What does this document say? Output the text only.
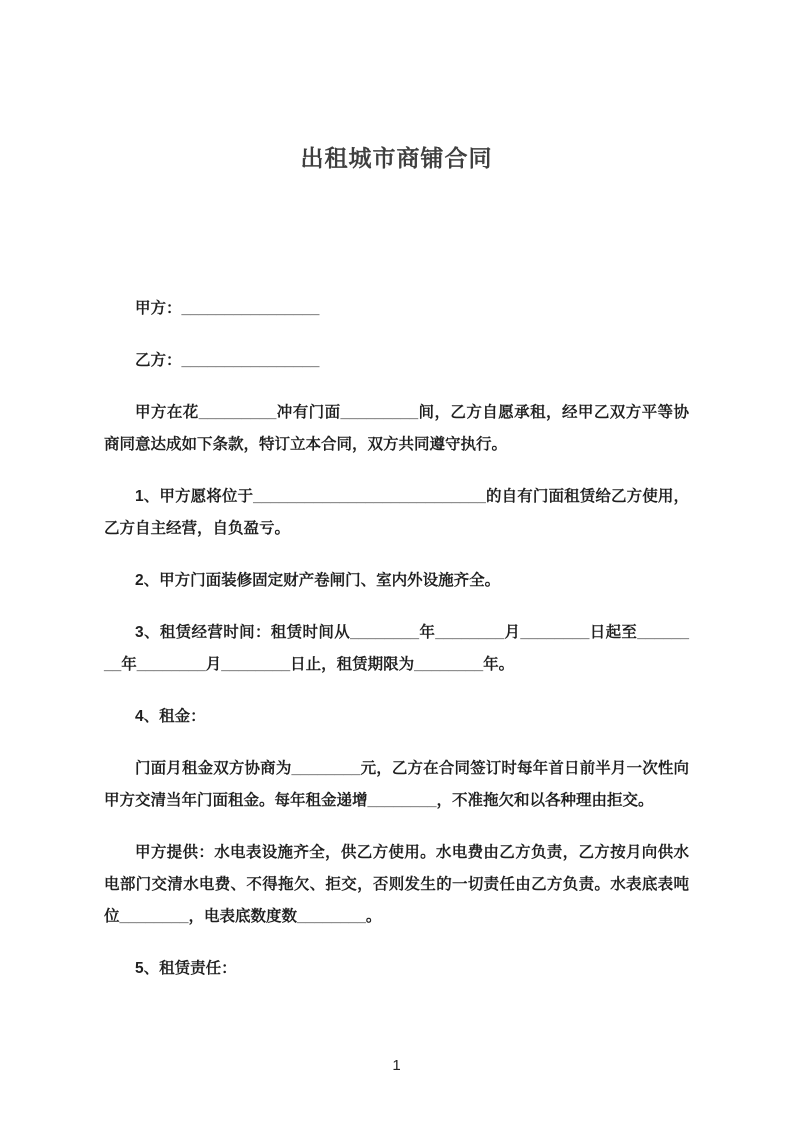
出租城市商铺合同

甲方：________________

乙方：________________

甲方在花_________冲有门面_________间，乙方自愿承租，经甲乙双方平等协商同意达成如下条款，特订立本合同，双方共同遵守执行。

1、甲方愿将位于___________________________的自有门面租赁给乙方使用，乙方自主经营，自负盈亏。

2、甲方门面装修固定财产卷闸门、室内外设施齐全。

3、租赁经营时间：租赁时间从________年________月________日起至________年________月________日止，租赁期限为________年。

4、租金：

门面月租金双方协商为________元，乙方在合同签订时每年首日前半月一次性向甲方交清当年门面租金。每年租金递增________，不准拖欠和以各种理由拒交。

甲方提供：水电表设施齐全，供乙方使用。水电费由乙方负责，乙方按月向供水电部门交清水电费、不得拖欠、拒交，否则发生的一切责任由乙方负责。水表底表吨位________，电表底数度数________。

5、租赁责任：

1
